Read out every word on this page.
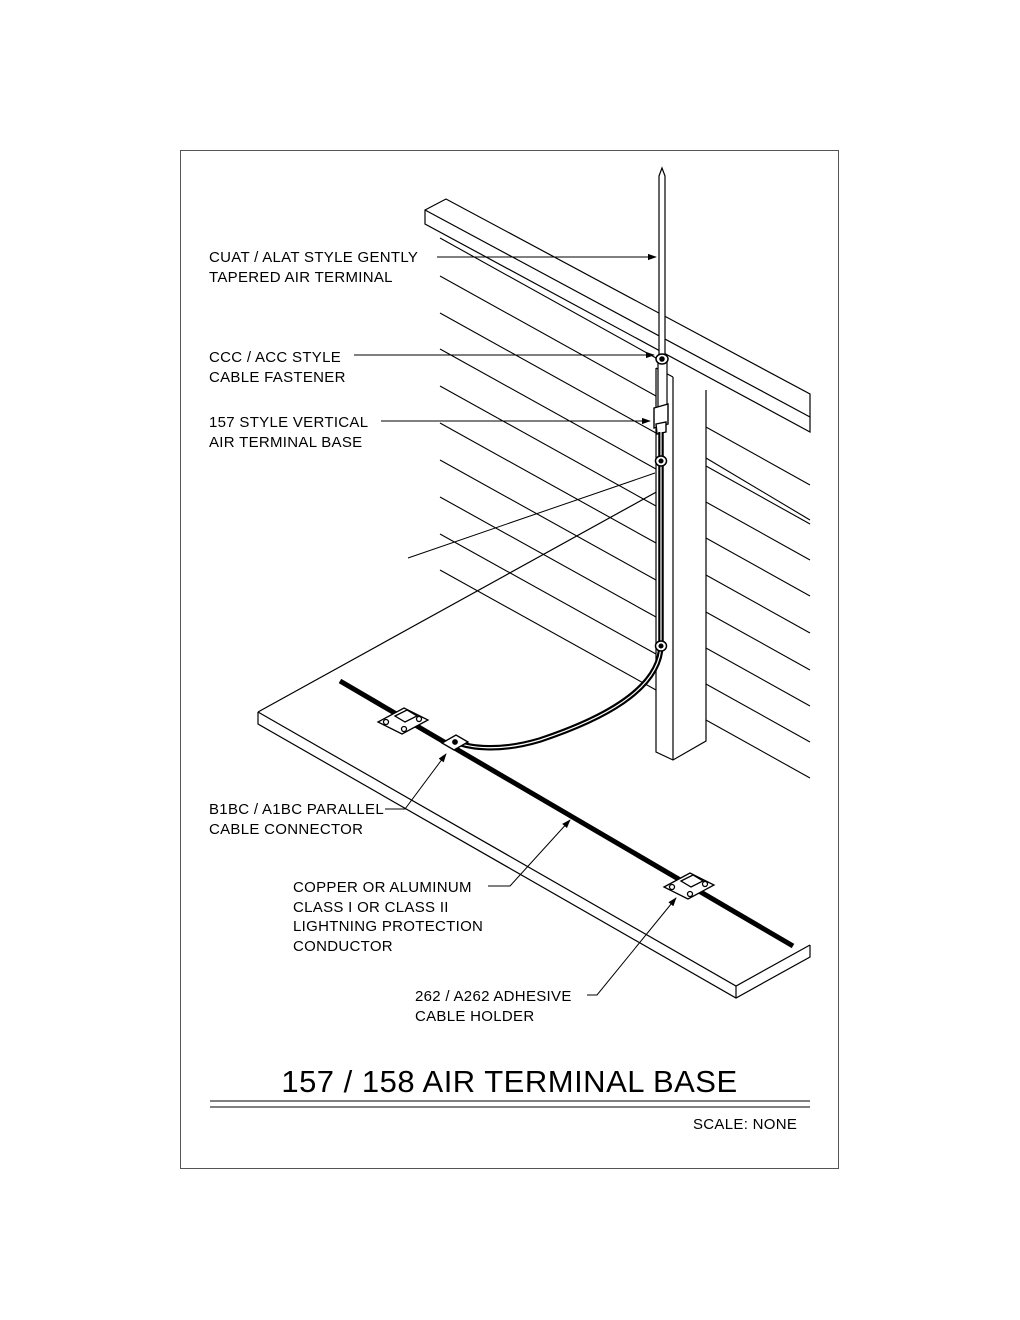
CUAT / ALAT STYLE GENTLY
TAPERED AIR TERMINAL
CCC / ACC STYLE
CABLE FASTENER
157 STYLE VERTICAL
AIR TERMINAL BASE
B1BC / A1BC PARALLEL
CABLE CONNECTOR
COPPER OR ALUMINUM
CLASS I OR CLASS II
LIGHTNING PROTECTION
CONDUCTOR
262 / A262 ADHESIVE
CABLE HOLDER
157 / 158 AIR TERMINAL BASE
SCALE: NONE
